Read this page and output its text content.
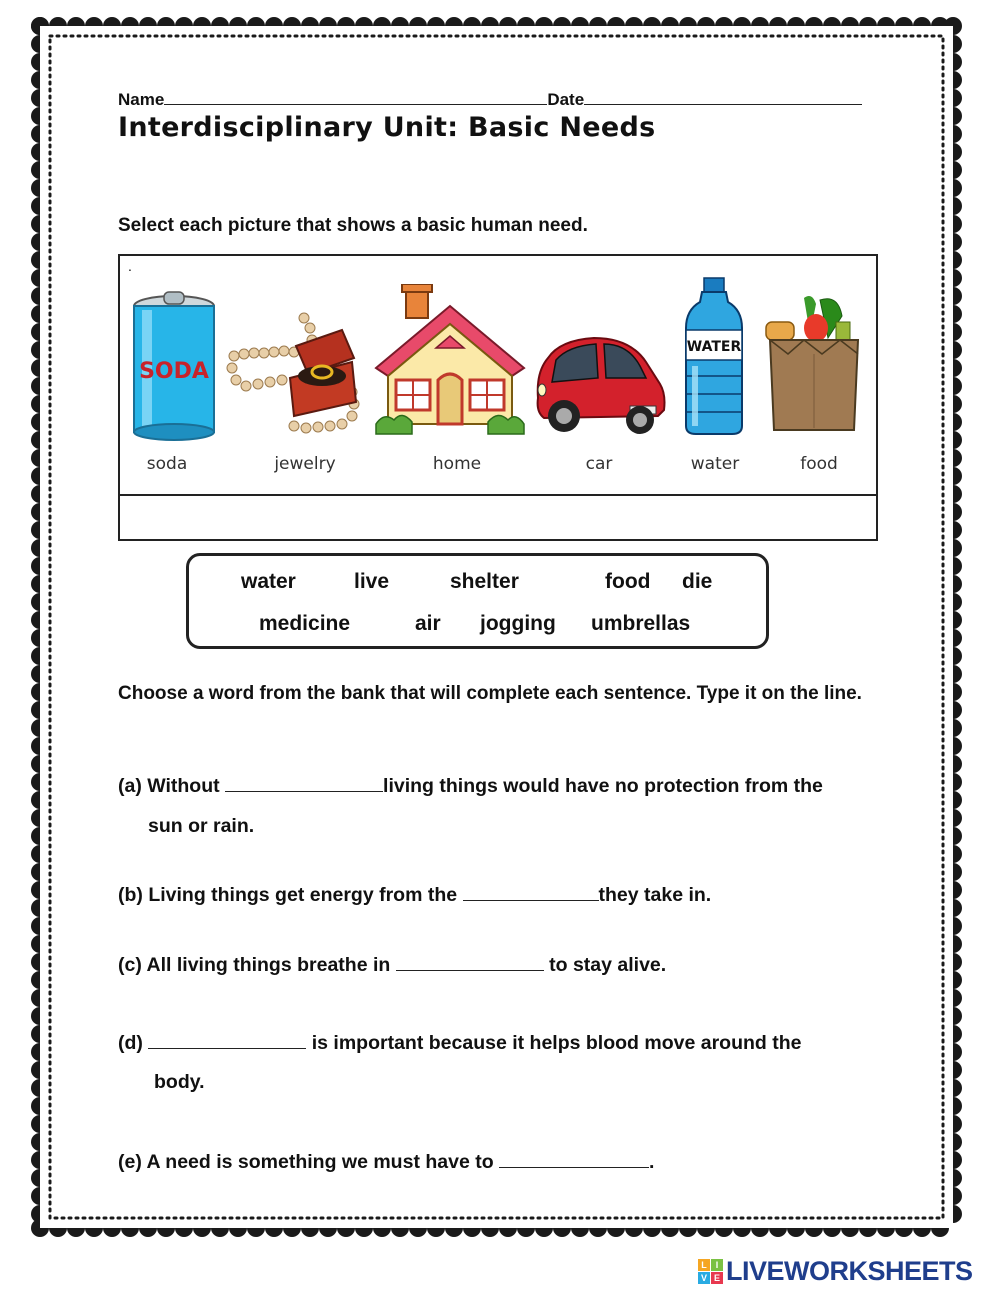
Name	Date
Interdisciplinary Unit: Basic Needs
Select each picture that shows a basic human need.
.
SODA
soda	jewelry	home	car
WATER
water	food
water	live	shelter	food die
medicine	air jogging umbrellas
Choose a word from the bank that will complete each sentence. Type it on the line.
(a) Without	living things would have no protection from the
sun or rain.
(b) Living things get energy from the	they take in.
(c) All living things breathe in	to stay alive.
(d)	is important because it helps blood move around the
body.
(e) A need is something we must have to	.
L I
V E LIVEWORKSHEETS
